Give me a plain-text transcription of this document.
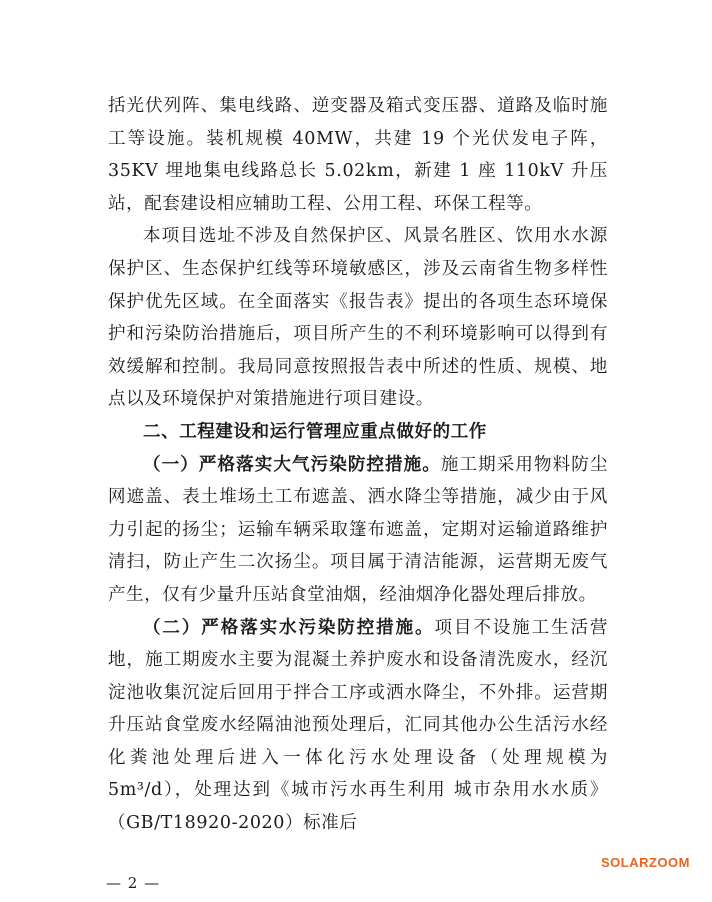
括光伏列阵、集电线路、逆变器及箱式变压器、道路及临时施工等设施。装机规模 40MW，共建 19 个光伏发电子阵，35KV 埋地集电线路总长 5.02km，新建 1 座 110kV 升压站，配套建设相应辅助工程、公用工程、环保工程等。

本项目选址不涉及自然保护区、风景名胜区、饮用水水源保护区、生态保护红线等环境敏感区，涉及云南省生物多样性保护优先区域。在全面落实《报告表》提出的各项生态环境保护和污染防治措施后，项目所产生的不利环境影响可以得到有效缓解和控制。我局同意按照报告表中所述的性质、规模、地点以及环境保护对策措施进行项目建设。

二、工程建设和运行管理应重点做好的工作

（一）严格落实大气污染防控措施。施工期采用物料防尘网遮盖、表土堆场土工布遮盖、洒水降尘等措施，减少由于风力引起的扬尘；运输车辆采取篷布遮盖，定期对运输道路维护清扫，防止产生二次扬尘。项目属于清洁能源，运营期无废气产生，仅有少量升压站食堂油烟，经油烟净化器处理后排放。

（二）严格落实水污染防控措施。项目不设施工生活营地，施工期废水主要为混凝土养护废水和设备清洗废水，经沉淀池收集沉淀后回用于拌合工序或洒水降尘，不外排。运营期升压站食堂废水经隔油池预处理后，汇同其他办公生活污水经化粪池处理后进入一体化污水处理设备（处理规模为 5m³/d），处理达到《城市污水再生利用 城市杂用水水质》（GB/T18920-2020）标准后

SOLARZOOM
— 2 —
